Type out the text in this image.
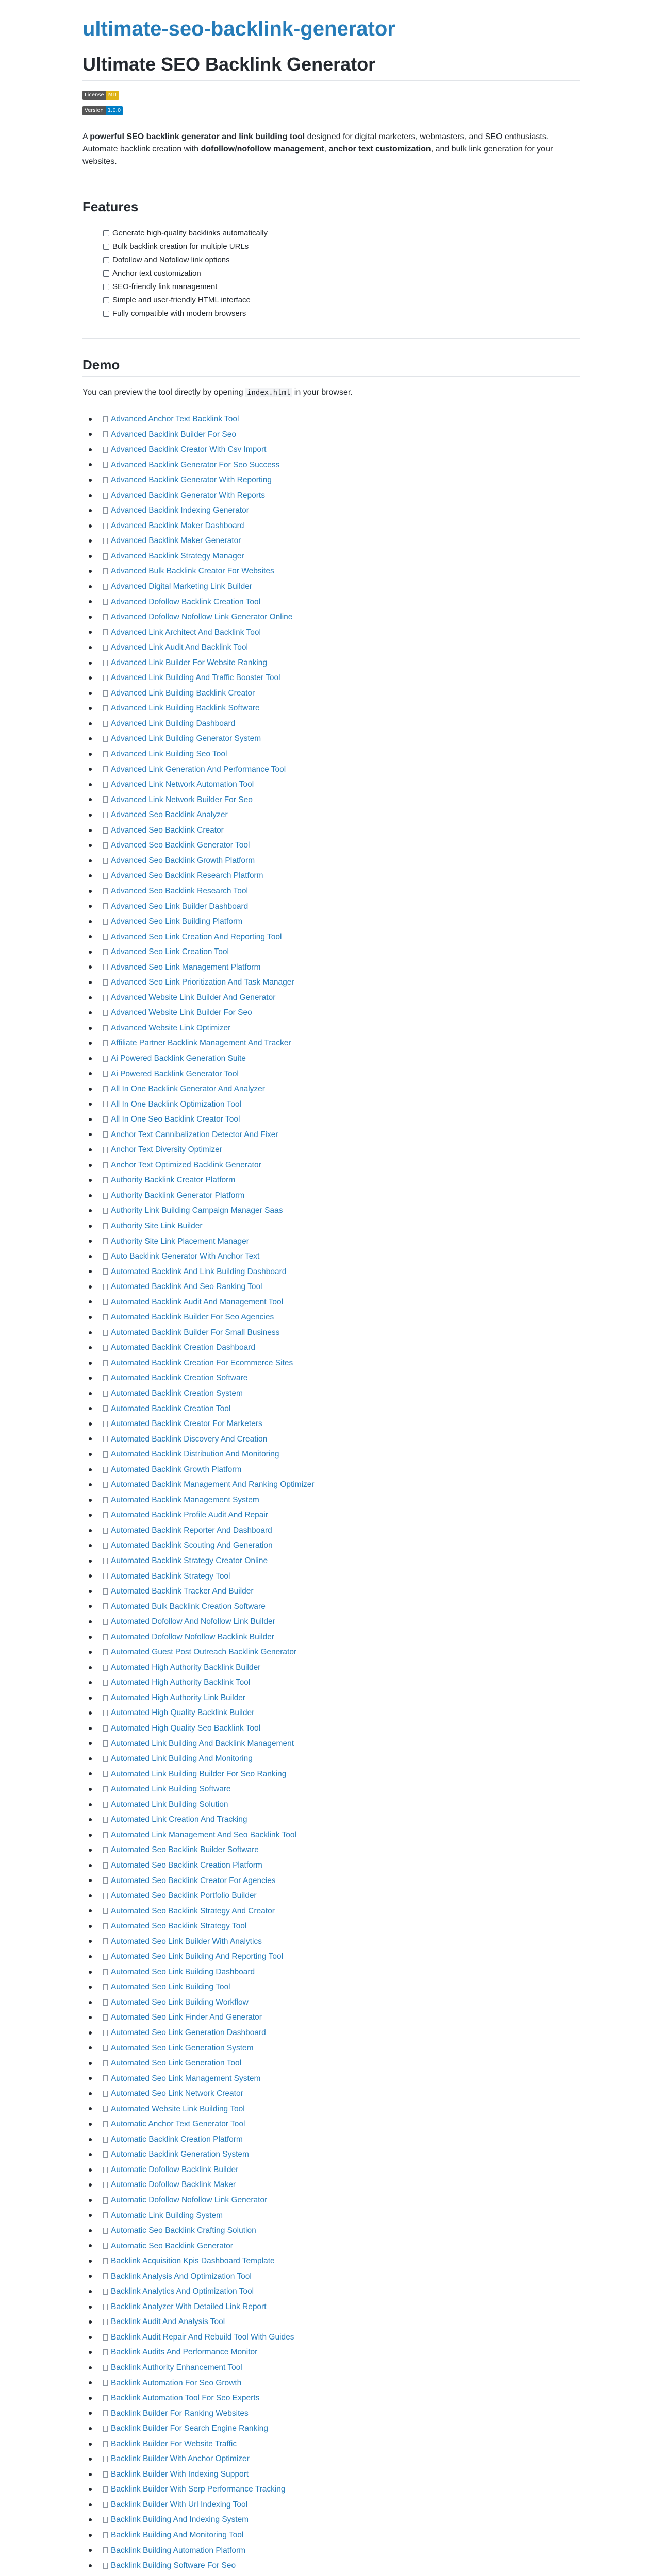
ultimate-seo-backlink-generator
Ultimate SEO Backlink Generator
License MIT
Version 1.0.0

A powerful SEO backlink generator and link building tool designed for digital marketers, webmasters, and SEO enthusiasts. Automate backlink creation with dofollow/nofollow management, anchor text customization, and bulk link generation for your websites.

Features
Generate high-quality backlinks automatically
Bulk backlink creation for multiple URLs
Dofollow and Nofollow link options
Anchor text customization
SEO-friendly link management
Simple and user-friendly HTML interface
Fully compatible with modern browsers
Demo
You can preview the tool directly by opening index.html in your browser.
Advanced Anchor Text Backlink Tool
Advanced Backlink Builder For Seo
Advanced Backlink Creator With Csv Import
Advanced Backlink Generator For Seo Success
Advanced Backlink Generator With Reporting
Advanced Backlink Generator With Reports
Advanced Backlink Indexing Generator
Advanced Backlink Maker Dashboard
Advanced Backlink Maker Generator
Advanced Backlink Strategy Manager
Advanced Bulk Backlink Creator For Websites
Advanced Digital Marketing Link Builder
Advanced Dofollow Backlink Creation Tool
Advanced Dofollow Nofollow Link Generator Online
Advanced Link Architect And Backlink Tool
Advanced Link Audit And Backlink Tool
Advanced Link Builder For Website Ranking
Advanced Link Building And Traffic Booster Tool
Advanced Link Building Backlink Creator
Advanced Link Building Backlink Software
Advanced Link Building Dashboard
Advanced Link Building Generator System
Advanced Link Building Seo Tool
Advanced Link Generation And Performance Tool
Advanced Link Network Automation Tool
Advanced Link Network Builder For Seo
Advanced Seo Backlink Analyzer
Advanced Seo Backlink Creator
Advanced Seo Backlink Generator Tool
Advanced Seo Backlink Growth Platform
Advanced Seo Backlink Research Platform
Advanced Seo Backlink Research Tool
Advanced Seo Link Builder Dashboard
Advanced Seo Link Building Platform
Advanced Seo Link Creation And Reporting Tool
Advanced Seo Link Creation Tool
Advanced Seo Link Management Platform
Advanced Seo Link Prioritization And Task Manager
Advanced Website Link Builder And Generator
Advanced Website Link Builder For Seo
Advanced Website Link Optimizer
Affiliate Partner Backlink Management And Tracker
Ai Powered Backlink Generation Suite
Ai Powered Backlink Generator Tool
All In One Backlink Generator And Analyzer
All In One Backlink Optimization Tool
All In One Seo Backlink Creator Tool
Anchor Text Cannibalization Detector And Fixer
Anchor Text Diversity Optimizer
Anchor Text Optimized Backlink Generator
Authority Backlink Creator Platform
Authority Backlink Generator Platform
Authority Link Building Campaign Manager Saas
Authority Site Link Builder
Authority Site Link Placement Manager
Auto Backlink Generator With Anchor Text
Automated Backlink And Link Building Dashboard
Automated Backlink And Seo Ranking Tool
Automated Backlink Audit And Management Tool
Automated Backlink Builder For Seo Agencies
Automated Backlink Builder For Small Business
Automated Backlink Creation Dashboard
Automated Backlink Creation For Ecommerce Sites
Automated Backlink Creation Software
Automated Backlink Creation System
Automated Backlink Creation Tool
Automated Backlink Creator For Marketers
Automated Backlink Discovery And Creation
Automated Backlink Distribution And Monitoring
Automated Backlink Growth Platform
Automated Backlink Management And Ranking Optimizer
Automated Backlink Management System
Automated Backlink Profile Audit And Repair
Automated Backlink Reporter And Dashboard
Automated Backlink Scouting And Generation
Automated Backlink Strategy Creator Online
Automated Backlink Strategy Tool
Automated Backlink Tracker And Builder
Automated Bulk Backlink Creation Software
Automated Dofollow And Nofollow Link Builder
Automated Dofollow Nofollow Backlink Builder
Automated Guest Post Outreach Backlink Generator
Automated High Authority Backlink Builder
Automated High Authority Backlink Tool
Automated High Authority Link Builder
Automated High Quality Backlink Builder
Automated High Quality Seo Backlink Tool
Automated Link Building And Backlink Management
Automated Link Building And Monitoring
Automated Link Building Builder For Seo Ranking
Automated Link Building Software
Automated Link Building Solution
Automated Link Creation And Tracking
Automated Link Management And Seo Backlink Tool
Automated Seo Backlink Builder Software
Automated Seo Backlink Creation Platform
Automated Seo Backlink Creator For Agencies
Automated Seo Backlink Portfolio Builder
Automated Seo Backlink Strategy And Creator
Automated Seo Backlink Strategy Tool
Automated Seo Link Builder With Analytics
Automated Seo Link Building And Reporting Tool
Automated Seo Link Building Dashboard
Automated Seo Link Building Tool
Automated Seo Link Building Workflow
Automated Seo Link Finder And Generator
Automated Seo Link Generation Dashboard
Automated Seo Link Generation System
Automated Seo Link Generation Tool
Automated Seo Link Management System
Automated Seo Link Network Creator
Automated Website Link Building Tool
Automatic Anchor Text Generator Tool
Automatic Backlink Creation Platform
Automatic Backlink Generation System
Automatic Dofollow Backlink Builder
Automatic Dofollow Backlink Maker
Automatic Dofollow Nofollow Link Generator
Automatic Link Building System
Automatic Seo Backlink Crafting Solution
Automatic Seo Backlink Generator
Backlink Acquisition Kpis Dashboard Template
Backlink Analysis And Optimization Tool
Backlink Analytics And Optimization Tool
Backlink Analyzer With Detailed Link Report
Backlink Audit And Analysis Tool
Backlink Audit Repair And Rebuild Tool With Guides
Backlink Audits And Performance Monitor
Backlink Authority Enhancement Tool
Backlink Automation For Seo Growth
Backlink Automation Tool For Seo Experts
Backlink Builder For Ranking Websites
Backlink Builder For Search Engine Ranking
Backlink Builder For Website Traffic
Backlink Builder With Anchor Optimizer
Backlink Builder With Indexing Support
Backlink Builder With Serp Performance Tracking
Backlink Builder With Url Indexing Tool
Backlink Building And Indexing System
Backlink Building And Monitoring Tool
Backlink Building Automation Platform
Backlink Building Software For Seo
